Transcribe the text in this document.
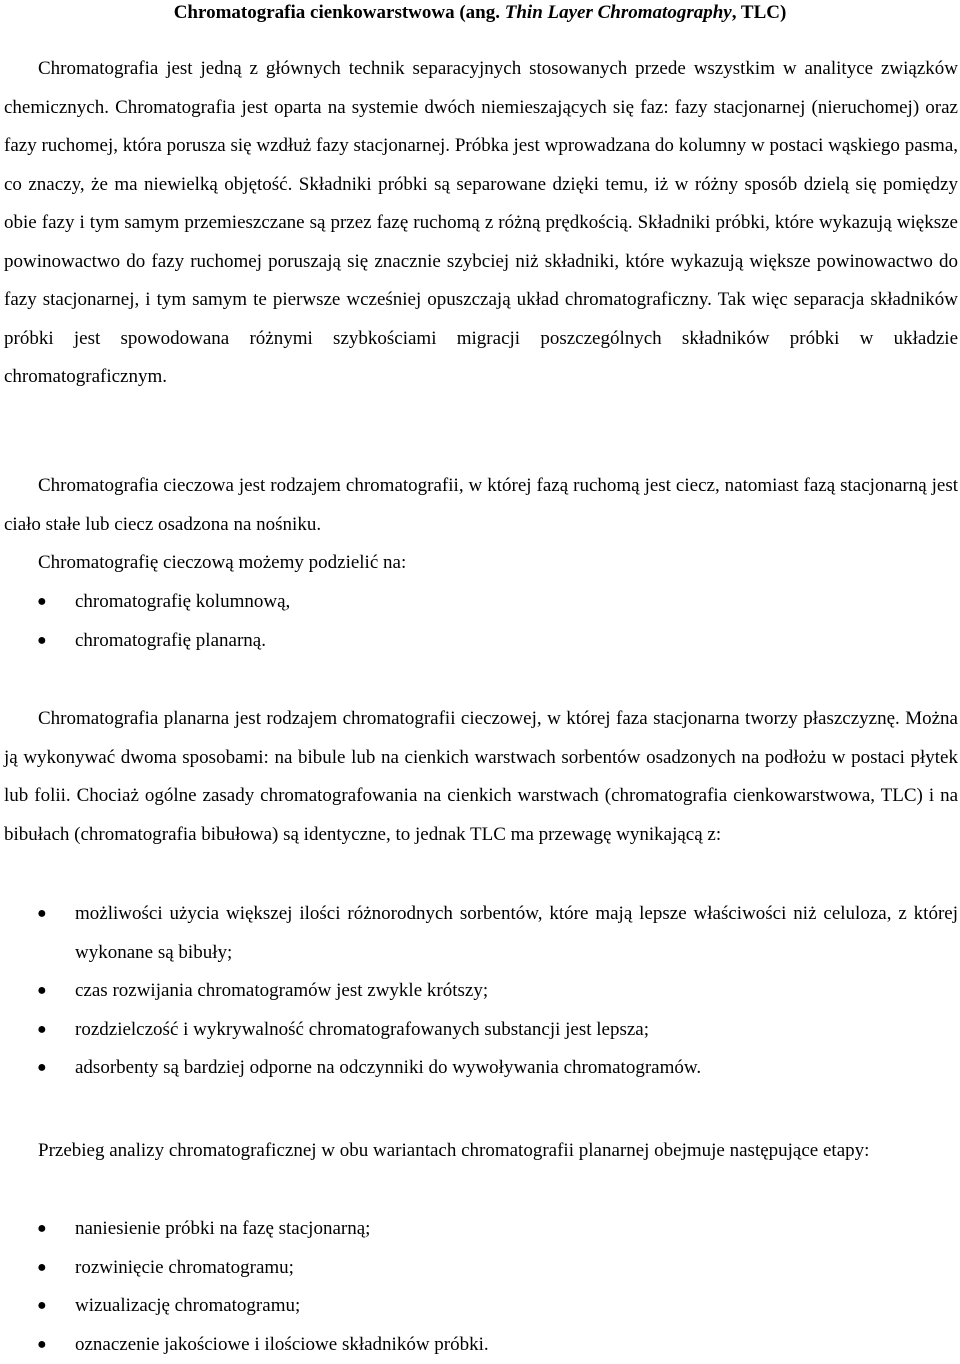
Chromatografia cienkowarstwowa (ang. Thin Layer Chromatography, TLC)

Chromatografia jest jedną z głównych technik separacyjnych stosowanych przede wszystkim w analityce związków chemicznych. Chromatografia jest oparta na systemie dwóch niemieszających się faz: fazy stacjonarnej (nieruchomej) oraz fazy ruchomej, która porusza się wzdłuż fazy stacjonarnej. Próbka jest wprowadzana do kolumny w postaci wąskiego pasma, co znaczy, że ma niewielką objętość. Składniki próbki są separowane dzięki temu, iż w różny sposób dzielą się pomiędzy obie fazy i tym samym przemieszczane są przez fazę ruchomą z różną prędkością. Składniki próbki, które wykazują większe powinowactwo do fazy ruchomej poruszają się znacznie szybciej niż składniki, które wykazują większe powinowactwo do fazy stacjonarnej, i tym samym te pierwsze wcześniej opuszczają układ chromatograficzny. Tak więc separacja składników próbki jest spowodowana różnymi szybkościami migracji poszczególnych składników próbki w układzie chromatograficznym.

Chromatografia cieczowa jest rodzajem chromatografii, w której fazą ruchomą jest ciecz, natomiast fazą stacjonarną jest ciało stałe lub ciecz osadzona na nośniku.

Chromatografię cieczową możemy podzielić na:

● chromatografię kolumnową,
● chromatografię planarną.

Chromatografia planarna jest rodzajem chromatografii cieczowej, w której faza stacjonarna tworzy płaszczyznę. Można ją wykonywać dwoma sposobami: na bibule lub na cienkich warstwach sorbentów osadzonych na podłożu w postaci płytek lub folii. Chociaż ogólne zasady chromatografowania na cienkich warstwach (chromatografia cienkowarstwowa, TLC) i na bibułach (chromatografia bibułowa) są identyczne, to jednak TLC ma przewagę wynikającą z:

● możliwości użycia większej ilości różnorodnych sorbentów, które mają lepsze właściwości niż celuloza, z której wykonane są bibuły;
● czas rozwijania chromatogramów jest zwykle krótszy;
● rozdzielczość i wykrywalność chromatografowanych substancji jest lepsza;
● adsorbenty są bardziej odporne na odczynniki do wywoływania chromatogramów.

Przebieg analizy chromatograficznej w obu wariantach chromatografii planarnej obejmuje następujące etapy:

● naniesienie próbki na fazę stacjonarną;
● rozwinięcie chromatogramu;
● wizualizację chromatogramu;
● oznaczenie jakościowe i ilościowe składników próbki.
